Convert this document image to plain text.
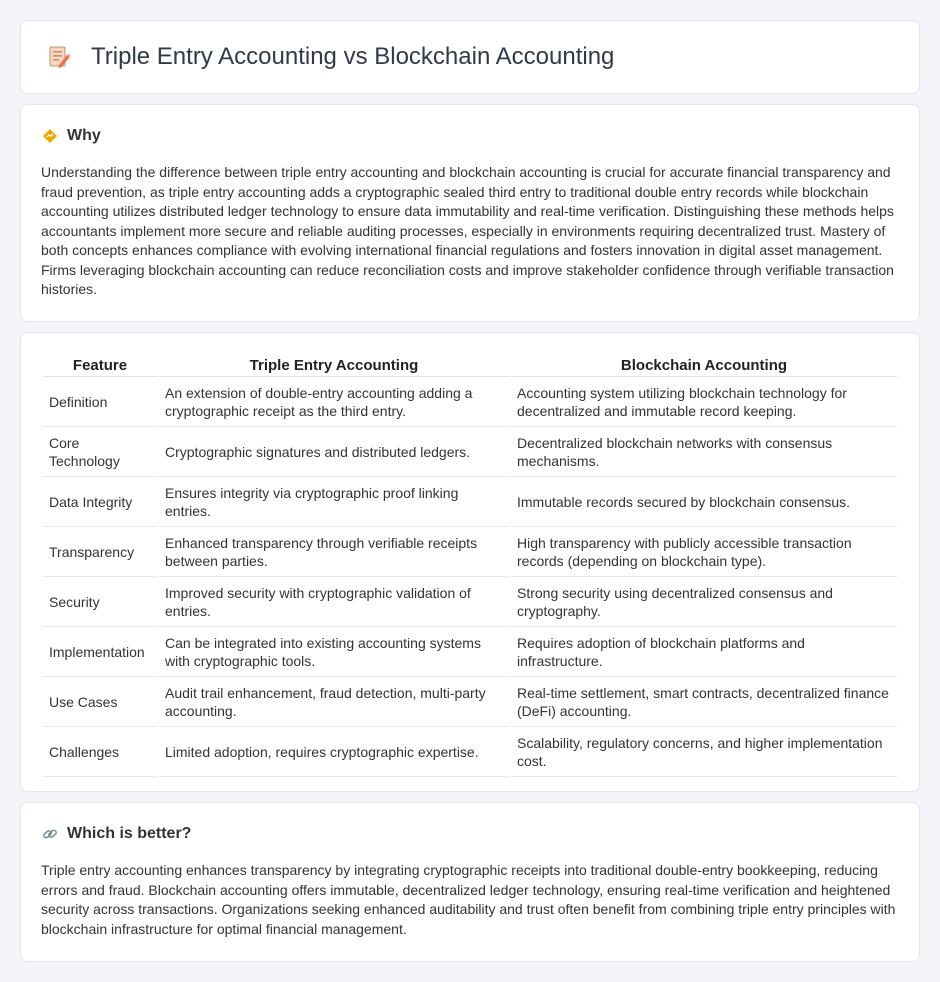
Triple Entry Accounting vs Blockchain Accounting
Why

Understanding the difference between triple entry accounting and blockchain accounting is crucial for accurate financial transparency and fraud prevention, as triple entry accounting adds a cryptographic sealed third entry to traditional double entry records while blockchain accounting utilizes distributed ledger technology to ensure data immutability and real-time verification. Distinguishing these methods helps accountants implement more secure and reliable auditing processes, especially in environments requiring decentralized trust. Mastery of both concepts enhances compliance with evolving international financial regulations and fosters innovation in digital asset management. Firms leveraging blockchain accounting can reduce reconciliation costs and improve stakeholder confidence through verifiable transaction histories.

Feature	Triple Entry Accounting	Blockchain Accounting
Definition	An extension of double-entry accounting adding a cryptographic receipt as the third entry.	Accounting system utilizing blockchain technology for decentralized and immutable record keeping.
Core Technology	Cryptographic signatures and distributed ledgers.	Decentralized blockchain networks with consensus mechanisms.
Data Integrity	Ensures integrity via cryptographic proof linking entries.	Immutable records secured by blockchain consensus.
Transparency	Enhanced transparency through verifiable receipts between parties.	High transparency with publicly accessible transaction records (depending on blockchain type).
Security	Improved security with cryptographic validation of entries.	Strong security using decentralized consensus and cryptography.
Implementation	Can be integrated into existing accounting systems with cryptographic tools.	Requires adoption of blockchain platforms and infrastructure.
Use Cases	Audit trail enhancement, fraud detection, multi-party accounting.	Real-time settlement, smart contracts, decentralized finance (DeFi) accounting.
Challenges	Limited adoption, requires cryptographic expertise.	Scalability, regulatory concerns, and higher implementation cost.
Which is better?

Triple entry accounting enhances transparency by integrating cryptographic receipts into traditional double-entry bookkeeping, reducing errors and fraud. Blockchain accounting offers immutable, decentralized ledger technology, ensuring real-time verification and heightened security across transactions. Organizations seeking enhanced auditability and trust often benefit from combining triple entry principles with blockchain infrastructure for optimal financial management.
